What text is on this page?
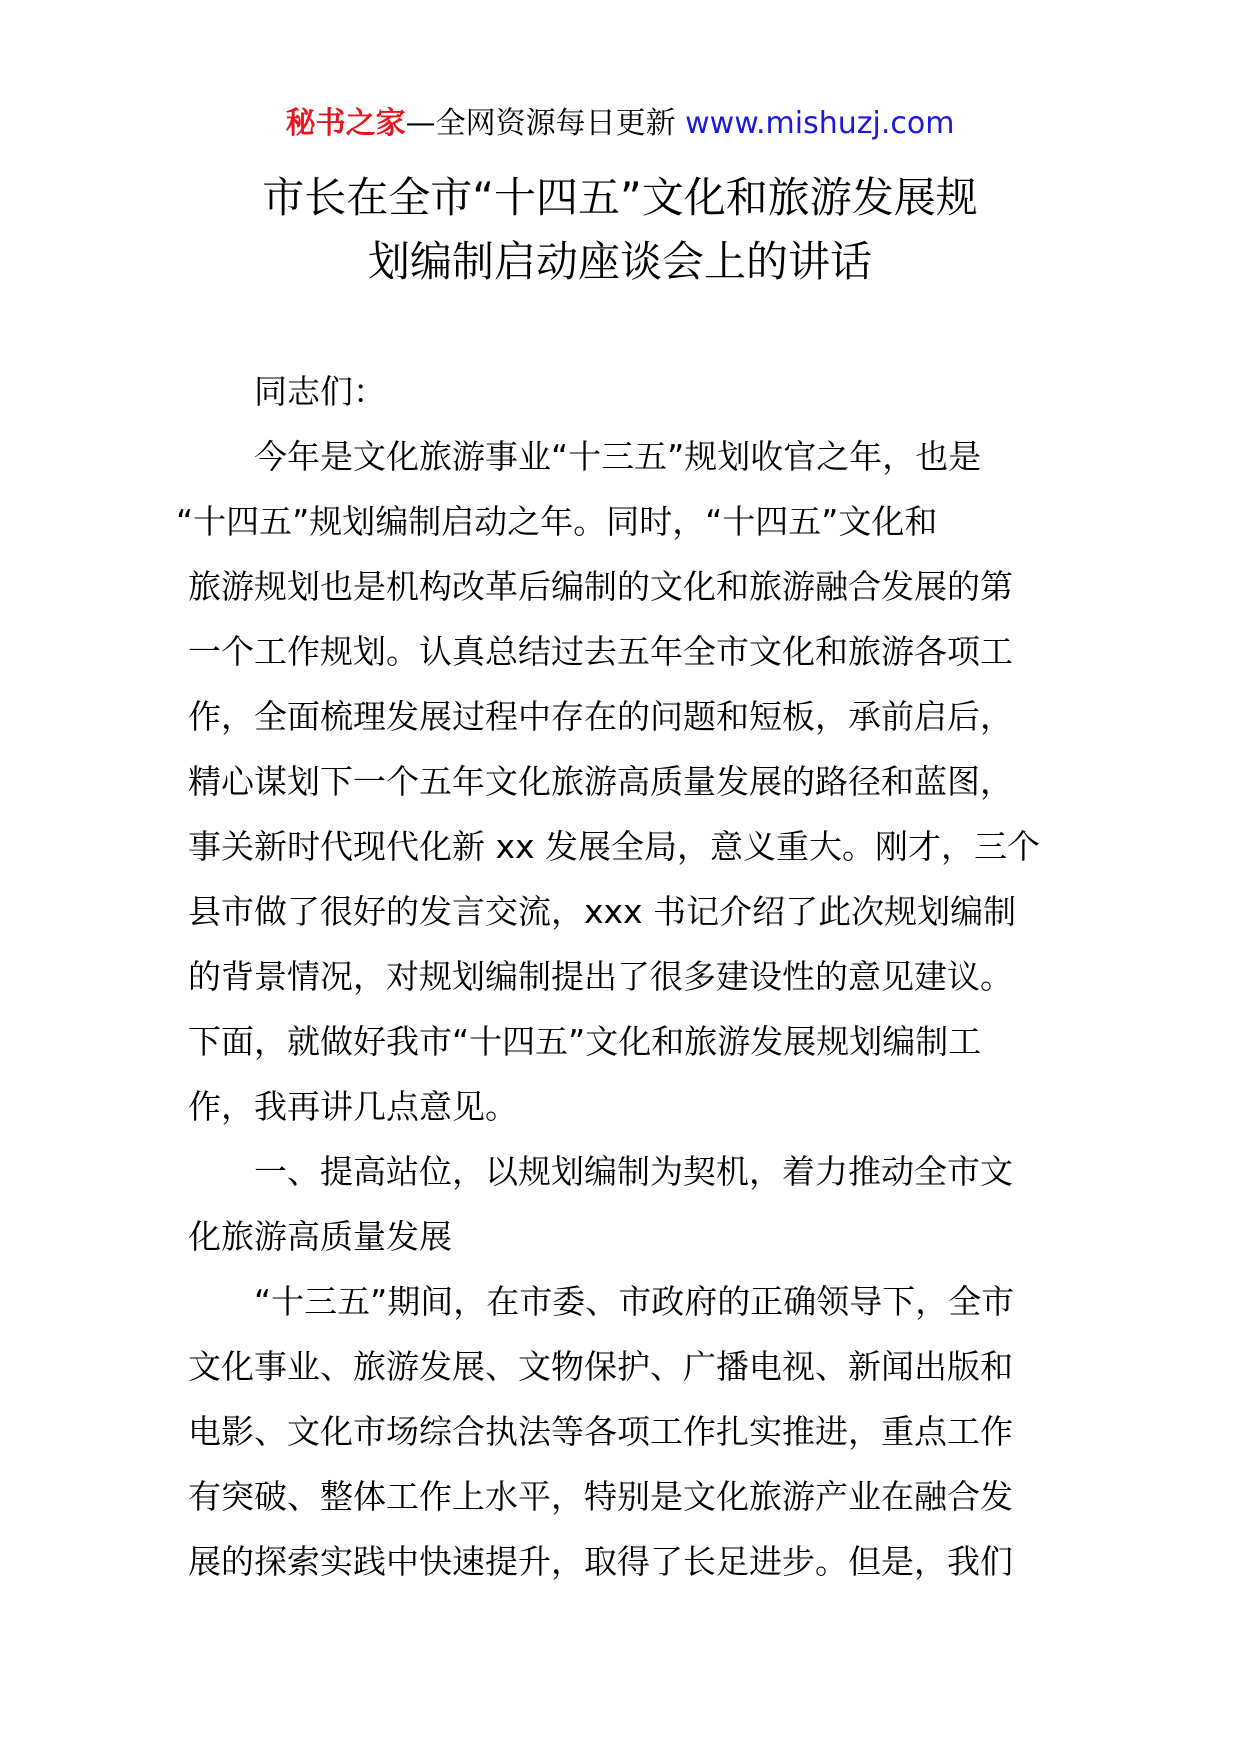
秘书之家—全网资源每日更新 www.mishuzj.com
市长在全市“十四五”文化和旅游发展规
划编制启动座谈会上的讲话
同志们：
今年是文化旅游事业“十三五”规划收官之年，也是
“十四五”规划编制启动之年。同时，“十四五”文化和
旅游规划也是机构改革后编制的文化和旅游融合发展的第
一个工作规划。认真总结过去五年全市文化和旅游各项工
作，全面梳理发展过程中存在的问题和短板，承前启后，
精心谋划下一个五年文化旅游高质量发展的路径和蓝图，
事关新时代现代化新 xx 发展全局，意义重大。刚才，三个
县市做了很好的发言交流，xxx 书记介绍了此次规划编制
的背景情况，对规划编制提出了很多建设性的意见建议。
下面，就做好我市“十四五”文化和旅游发展规划编制工
作，我再讲几点意见。
一、提高站位，以规划编制为契机，着力推动全市文
化旅游高质量发展
“十三五”期间，在市委、市政府的正确领导下，全市
文化事业、旅游发展、文物保护、广播电视、新闻出版和
电影、文化市场综合执法等各项工作扎实推进，重点工作
有突破、整体工作上水平，特别是文化旅游产业在融合发
展的探索实践中快速提升，取得了长足进步。但是，我们
